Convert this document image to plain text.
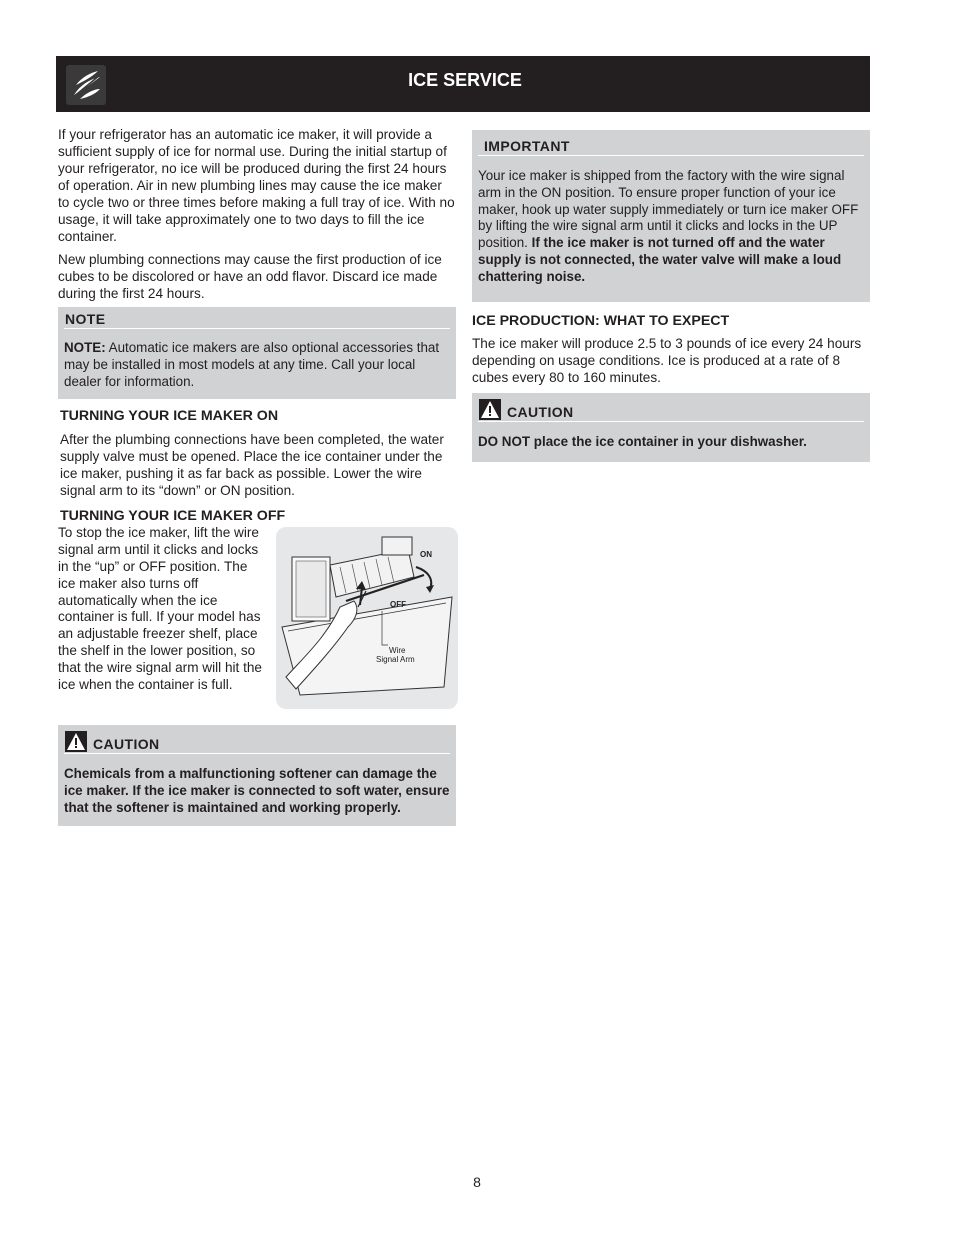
ICE SERVICE

If your refrigerator has an automatic ice maker, it will provide a sufficient supply of ice for normal use. During the initial startup of your refrigerator, no ice will be produced during the first 24 hours of operation. Air in new plumbing lines may cause the ice maker to cycle two or three times before making a full tray of ice. With no usage, it will take approximately one to two days to fill the ice container.

New plumbing connections may cause the first production of ice cubes to be discolored or have an odd flavor. Discard ice made during the first 24 hours.

NOTE
NOTE: Automatic ice makers are also optional accessories that may be installed in most models at any time. Call your local dealer for information.
TURNING YOUR ICE MAKER ON

After the plumbing connections have been completed, the water supply valve must be opened. Place the ice container under the ice maker, pushing it as far back as possible. Lower the wire signal arm to its “down” or ON position.

TURNING YOUR ICE MAKER OFF
To stop the ice maker, lift the wire signal arm until it clicks and locks in the “up” or OFF position. The ice maker also turns off automatically when the ice container is full. If your model has an adjustable freezer shelf, place the shelf in the lower position, so that the wire signal arm will hit the ice when the container is full.
ON
OFF
Wire
Signal Arm
CAUTION
Chemicals from a malfunctioning softener can damage the ice maker. If the ice maker is connected to soft water, ensure that the softener is maintained and working properly.
IMPORTANT
Your ice maker is shipped from the factory with the wire signal arm in the ON position. To ensure proper function of your ice maker, hook up water supply immediately or turn ice maker OFF by lifting the wire signal arm until it clicks and locks in the UP position. If the ice maker is not turned off and the water supply is not connected, the water valve will make a loud chattering noise.
ICE PRODUCTION: WHAT TO EXPECT

The ice maker will produce 2.5 to 3 pounds of ice every 24 hours depending on usage conditions. Ice is produced at a rate of 8 cubes every 80 to 160 minutes.

CAUTION
DO NOT place the ice container in your dishwasher.
8
